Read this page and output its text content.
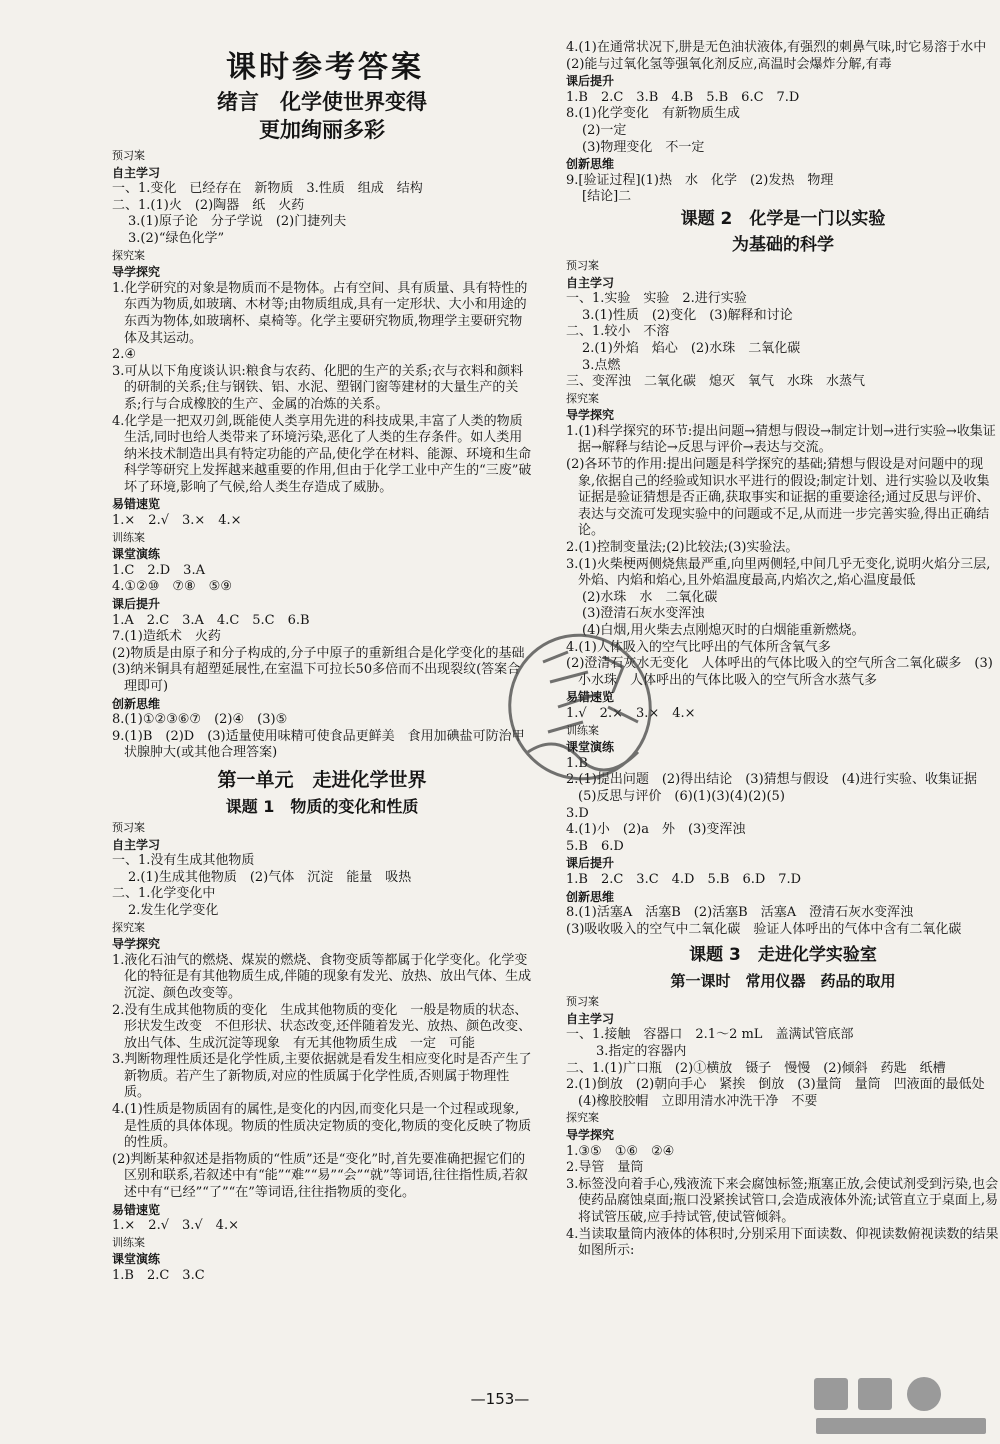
课时参考答案
绪言　化学使世界变得
更加绚丽多彩
预习案
自主学习
一、1.变化　已经存在　新物质　3.性质　组成　结构
二、1.(1)火　(2)陶器　纸　火药
3.(1)原子论　分子学说　(2)门捷列夫
3.(2)“绿色化学”
探究案
导学探究
1.化学研究的对象是物质而不是物体。占有空间、具有质量、具有特性的东西为物质,如玻璃、木材等;由物质组成,具有一定形状、大小和用途的东西为物体,如玻璃杯、桌椅等。化学主要研究物质,物理学主要研究物体及其运动。
2.④
3.可从以下角度谈认识:粮食与农药、化肥的生产的关系;衣与衣料和颜料的研制的关系;住与钢铁、铝、水泥、塑钢门窗等建材的大量生产的关系;行与合成橡胶的生产、金属的冶炼的关系。
4.化学是一把双刃剑,既能使人类享用先进的科技成果,丰富了人类的物质生活,同时也给人类带来了环境污染,恶化了人类的生存条件。如人类用纳米技术制造出具有特定功能的产品,使化学在材料、能源、环境和生命科学等研究上发挥越来越重要的作用,但由于化学工业中产生的“三废”破坏了环境,影响了气候,给人类生存造成了威胁。
易错速览
1.×　2.√　3.×　4.×
训练案
课堂演练
1.C　2.D　3.A
4.①②⑩　⑦⑧　⑤⑨
课后提升
1.A　2.C　3.A　4.C　5.C　6.B
7.(1)造纸术　火药
(2)物质是由原子和分子构成的,分子中原子的重新组合是化学变化的基础
(3)纳米铜具有超塑延展性,在室温下可拉长50多倍而不出现裂纹(答案合理即可)
创新思维
8.(1)①②③⑥⑦　(2)④　(3)⑤
9.(1)B　(2)D　(3)适量使用味精可使食品更鲜美　食用加碘盐可防治甲状腺肿大(或其他合理答案)
第一单元　走进化学世界
课题 1　物质的变化和性质
预习案
自主学习
一、1.没有生成其他物质
2.(1)生成其他物质　(2)气体　沉淀　能量　吸热
二、1.化学变化中
2.发生化学变化
探究案
导学探究
1.液化石油气的燃烧、煤炭的燃烧、食物变质等都属于化学变化。化学变化的特征是有其他物质生成,伴随的现象有发光、放热、放出气体、生成沉淀、颜色改变等。
2.没有生成其他物质的变化　生成其他物质的变化　一般是物质的状态、形状发生改变　不但形状、状态改变,还伴随着发光、放热、颜色改变、放出气体、生成沉淀等现象　有无其他物质生成　一定　可能
3.判断物理性质还是化学性质,主要依据就是看发生相应变化时是否产生了新物质。若产生了新物质,对应的性质属于化学性质,否则属于物理性质。
4.(1)性质是物质固有的属性,是变化的内因,而变化只是一个过程或现象,是性质的具体体现。物质的性质决定物质的变化,物质的变化反映了物质的性质。
(2)判断某种叙述是指物质的“性质”还是“变化”时,首先要准确把握它们的区别和联系,若叙述中有“能”“难”“易”“会”“就”等词语,往往指性质,若叙述中有“已经”“了”“在”等词语,往往指物质的变化。
易错速览
1.×　2.√　3.√　4.×
训练案
课堂演练
1.B　2.C　3.C
4.(1)在通常状况下,肼是无色油状液体,有强烈的刺鼻气味,时它易溶于水中
(2)能与过氧化氢等强氧化剂反应,高温时会爆炸分解,有毒
课后提升
1.B　2.C　3.B　4.B　5.B　6.C　7.D
8.(1)化学变化　有新物质生成
(2)一定
(3)物理变化　不一定
创新思维
9.[验证过程](1)热　水　化学　(2)发热　物理
[结论]二
课题 2　化学是一门以实验
为基础的科学
预习案
自主学习
一、1.实验　实验　2.进行实验
3.(1)性质　(2)变化　(3)解释和讨论
二、1.较小　不溶
2.(1)外焰　焰心　(2)水珠　二氧化碳
3.点燃
三、变浑浊　二氧化碳　熄灭　氧气　水珠　水蒸气
探究案
导学探究
1.(1)科学探究的环节:提出问题→猜想与假设→制定计划→进行实验→收集证据→解释与结论→反思与评价→表达与交流。
(2)各环节的作用:提出问题是科学探究的基础;猜想与假设是对问题中的现象,依据自己的经验或知识水平进行的假设;制定计划、进行实验以及收集证据是验证猜想是否正确,获取事实和证据的重要途径;通过反思与评价、表达与交流可发现实验中的问题或不足,从而进一步完善实验,得出正确结论。
2.(1)控制变量法;(2)比较法;(3)实验法。
3.(1)火柴梗两侧烧焦最严重,向里两侧轻,中间几乎无变化,说明火焰分三层,外焰、内焰和焰心,且外焰温度最高,内焰次之,焰心温度最低
(2)水珠　水　二氧化碳
(3)澄清石灰水变浑浊
(4)白烟,用火柴去点刚熄灭时的白烟能重新燃烧。
4.(1)人体吸入的空气比呼出的气体所含氧气多
(2)澄清石灰水无变化　人体呼出的气体比吸入的空气所含二氧化碳多　(3)小水珠　人体呼出的气体比吸入的空气所含水蒸气多
易错速览
1.√　2.×　3.×　4.×
训练案
课堂演练
1.B
2.(1)提出问题　(2)得出结论　(3)猜想与假设　(4)进行实验、收集证据　(5)反思与评价　(6)(1)(3)(4)(2)(5)
3.D
4.(1)小　(2)a　外　(3)变浑浊
5.B　6.D
课后提升
1.B　2.C　3.C　4.D　5.B　6.D　7.D
创新思维
8.(1)活塞A　活塞B　(2)活塞B　活塞A　澄清石灰水变浑浊
(3)吸收吸入的空气中二氧化碳　验证人体呼出的气体中含有二氧化碳
课题 3　走进化学实验室
第一课时　常用仪器　药品的取用
预习案
自主学习
一、1.接触　容器口　2.1～2 mL　盖满试管底部
3.指定的容器内
二、1.(1)广口瓶　(2)①横放　镊子　慢慢　(2)倾斜　药匙　纸槽
2.(1)倒放　(2)朝向手心　紧挨　倒放　(3)量筒　量筒　凹液面的最低处　(4)橡胶胶帽　立即用清水冲洗干净　不要
探究案
导学探究
1.③⑤　①⑥　②④
2.导管　量筒
3.标签没向着手心,残液流下来会腐蚀标签;瓶塞正放,会使试剂受到污染,也会使药品腐蚀桌面;瓶口没紧挨试管口,会造成液体外流;试管直立于桌面上,易将试管压破,应手持试管,使试管倾斜。
4.当读取量筒内液体的体积时,分别采用下面读数、仰视读数俯视读数的结果如图所示:
—153—
